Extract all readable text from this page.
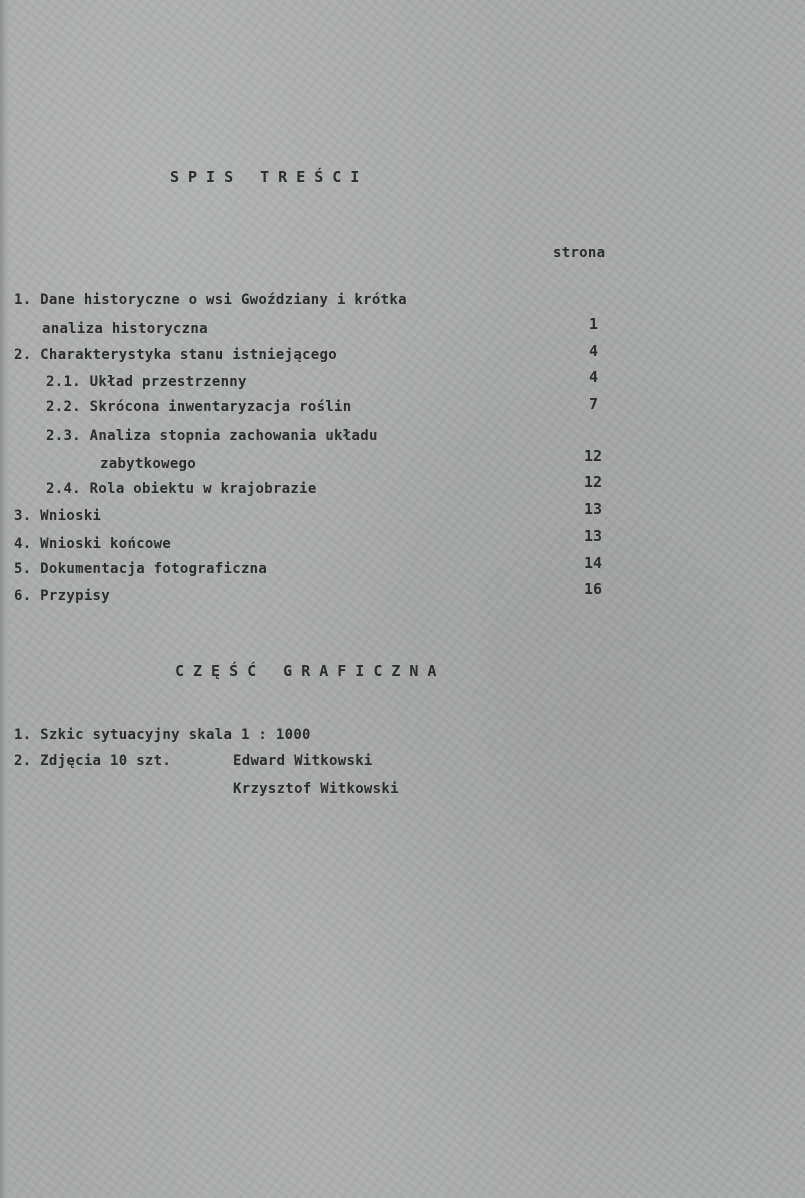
SPIS TREŚCI
strona
1. Dane historyczne o wsi Gwoździany i krótka
analiza historyczna	1
2. Charakterystyka stanu istniejącego	4
2.1. Układ przestrzenny	4
2.2. Skrócona inwentaryzacja roślin	7
2.3. Analiza stopnia zachowania układu
zabytkowego	12
2.4. Rola obiektu w krajobrazie	12
3. Wnioski	13
4. Wnioski końcowe	13
5. Dokumentacja fotograficzna	14
6. Przypisy	16
CZĘŚĆ GRAFICZNA
1. Szkic sytuacyjny skala 1 : 1000
2. Zdjęcia 10 szt.	Edward Witkowski
Krzysztof Witkowski
